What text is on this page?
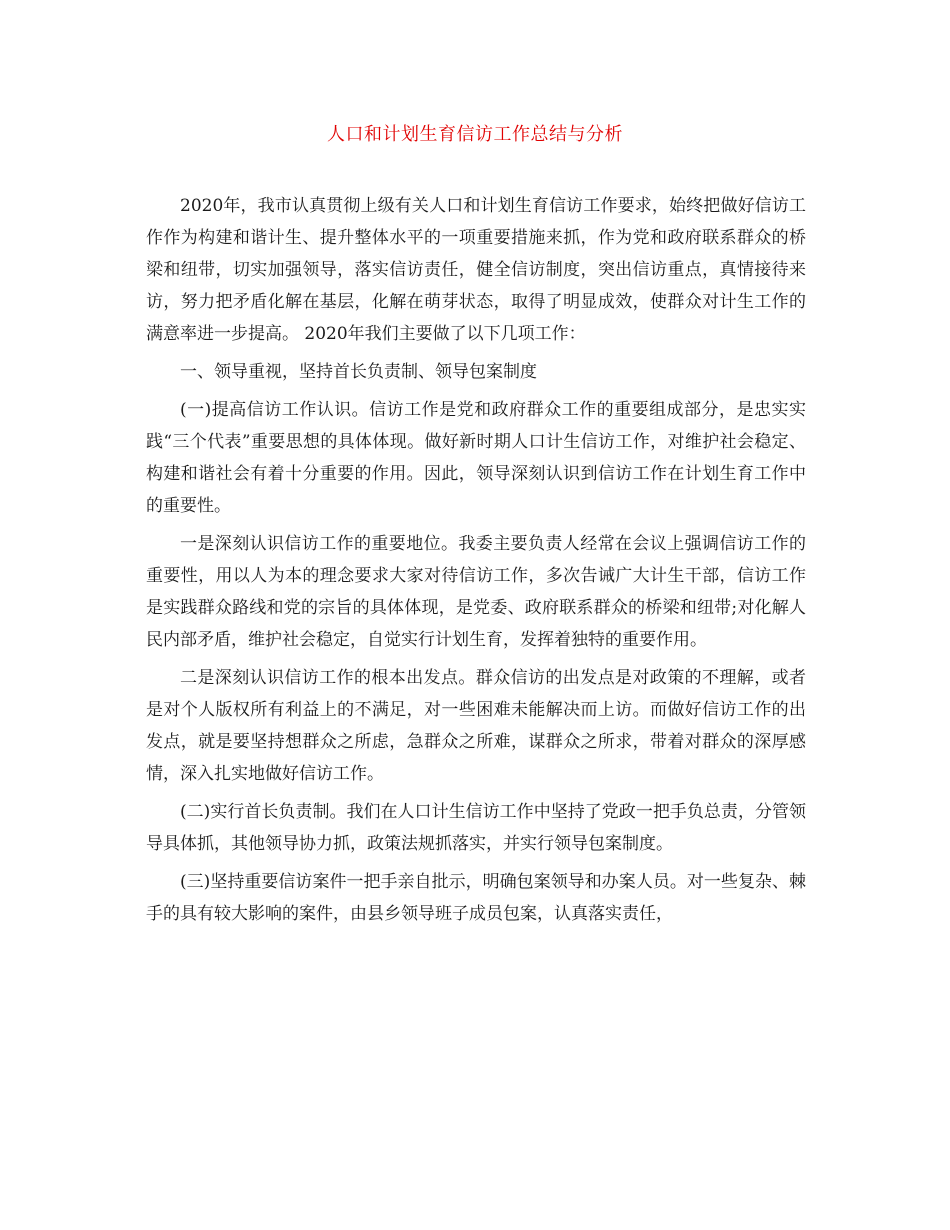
人口和计划生育信访工作总结与分析

2020年，我市认真贯彻上级有关人口和计划生育信访工作要求，始终把做好信访工作作为构建和谐计生、提升整体水平的一项重要措施来抓，作为党和政府联系群众的桥梁和纽带，切实加强领导，落实信访责任，健全信访制度，突出信访重点，真情接待来访，努力把矛盾化解在基层，化解在萌芽状态，取得了明显成效，使群众对计生工作的满意率进一步提高。 2020年我们主要做了以下几项工作：

一、领导重视，坚持首长负责制、领导包案制度

(一)提高信访工作认识。信访工作是党和政府群众工作的重要组成部分，是忠实实践“三个代表”重要思想的具体体现。做好新时期人口计生信访工作，对维护社会稳定、构建和谐社会有着十分重要的作用。因此，领导深刻认识到信访工作在计划生育工作中的重要性。

一是深刻认识信访工作的重要地位。我委主要负责人经常在会议上强调信访工作的重要性，用以人为本的理念要求大家对待信访工作，多次告诫广大计生干部，信访工作是实践群众路线和党的宗旨的具体体现，是党委、政府联系群众的桥梁和纽带;对化解人民内部矛盾，维护社会稳定，自觉实行计划生育，发挥着独特的重要作用。

二是深刻认识信访工作的根本出发点。群众信访的出发点是对政策的不理解，或者是对个人版权所有利益上的不满足，对一些困难未能解决而上访。而做好信访工作的出发点，就是要坚持想群众之所虑，急群众之所难，谋群众之所求，带着对群众的深厚感情，深入扎实地做好信访工作。

(二)实行首长负责制。我们在人口计生信访工作中坚持了党政一把手负总责，分管领导具体抓，其他领导协力抓，政策法规抓落实，并实行领导包案制度。

(三)坚持重要信访案件一把手亲自批示，明确包案领导和办案人员。对一些复杂、棘手的具有较大影响的案件，由县乡领导班子成员包案，认真落实责任，
